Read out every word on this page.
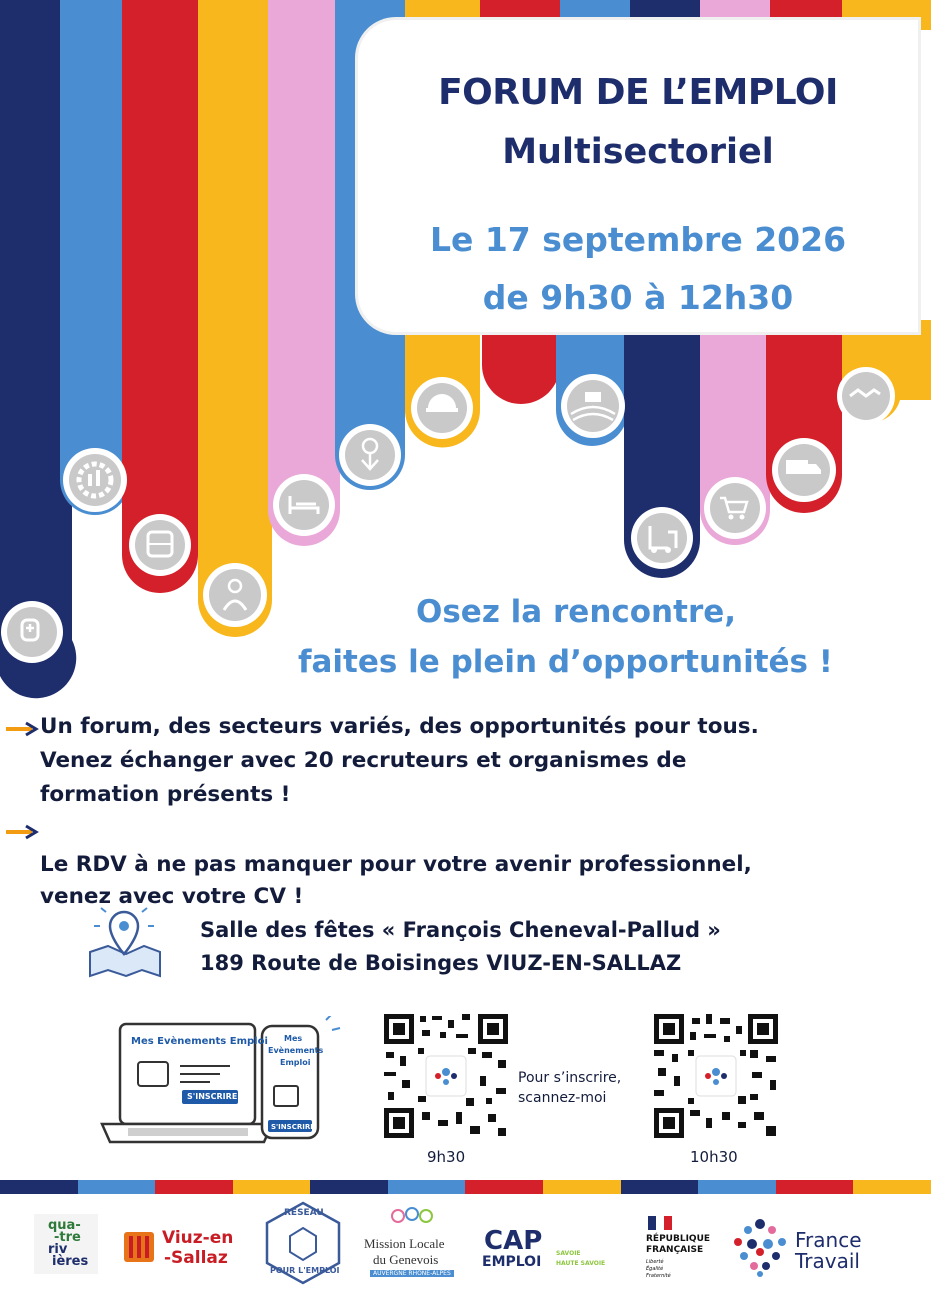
FORUM DE L’EMPLOI
Multisectoriel
Le 17 septembre 2026
de 9h30 à 12h30
Osez la rencontre,
faites le plein d’opportunités !
Un forum, des secteurs variés, des opportunités pour tous.
Venez échanger avec 20 recruteurs et organismes de
formation présents !
Le RDV à ne pas manquer pour votre avenir professionnel,
venez avec votre CV !
Salle des fêtes « François Cheneval-Pallud »
189 Route de Boisinges VIUZ-EN-SALLAZ
Mes Evènements Emploi
S'INSCRIRE
Mes
Evènements
Emploi
S'INSCRIRE
Pour s’inscrire,
scannez-moi
9h30	10h30
qua-
-tre
riv
ières
Viuz-en
-Sallaz
RÉSEAU
POUR L'EMPLOI
Mission Locale
du Genevois
AUVERGNE RHÔNE-ALPES
CAP
EMPLOI
SAVOIE
HAUTE SAVOIE
RÉPUBLIQUE
FRANÇAISE
Liberté
Égalité
Fraternité
France
Travail
